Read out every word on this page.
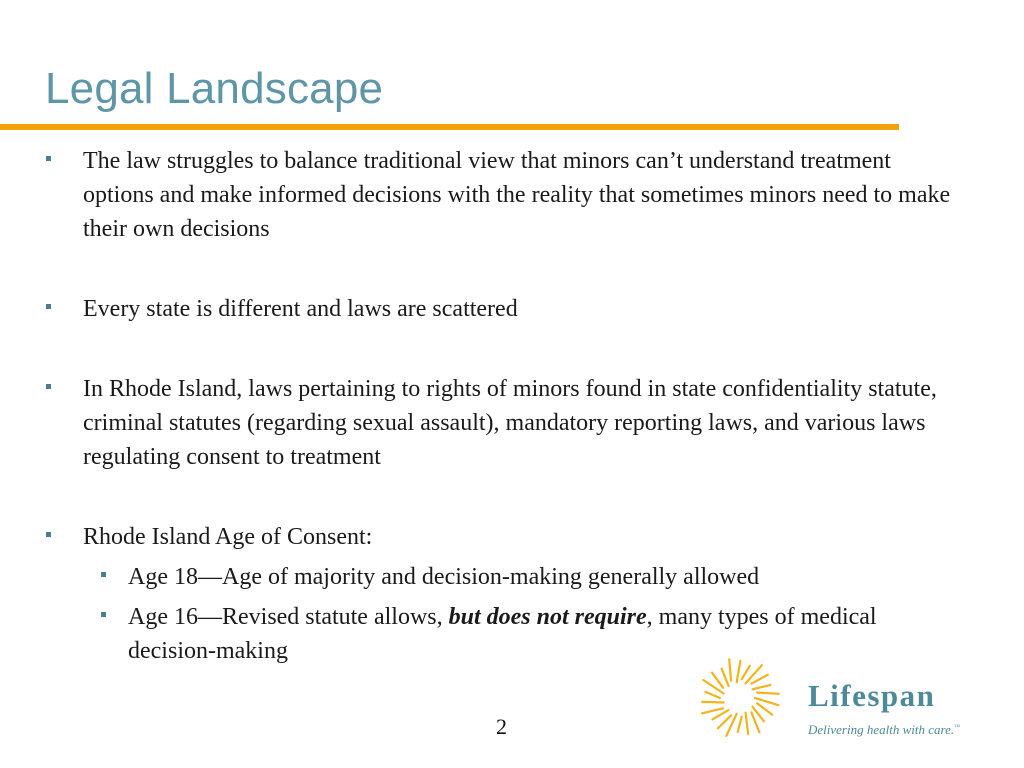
Legal Landscape
The law struggles to balance traditional view that minors can’t understand treatment options and make informed decisions with the reality that sometimes minors need to make their own decisions
Every state is different and laws are scattered
In Rhode Island, laws pertaining to rights of minors found in state confidentiality statute, criminal statutes (regarding sexual assault), mandatory reporting laws, and various laws regulating consent to treatment
Rhode Island Age of Consent:
Age 18—Age of majority and decision-making generally allowed
Age 16—Revised statute allows, but does not require, many types of medical decision-making
2
Lifespan
Delivering health with care.™
